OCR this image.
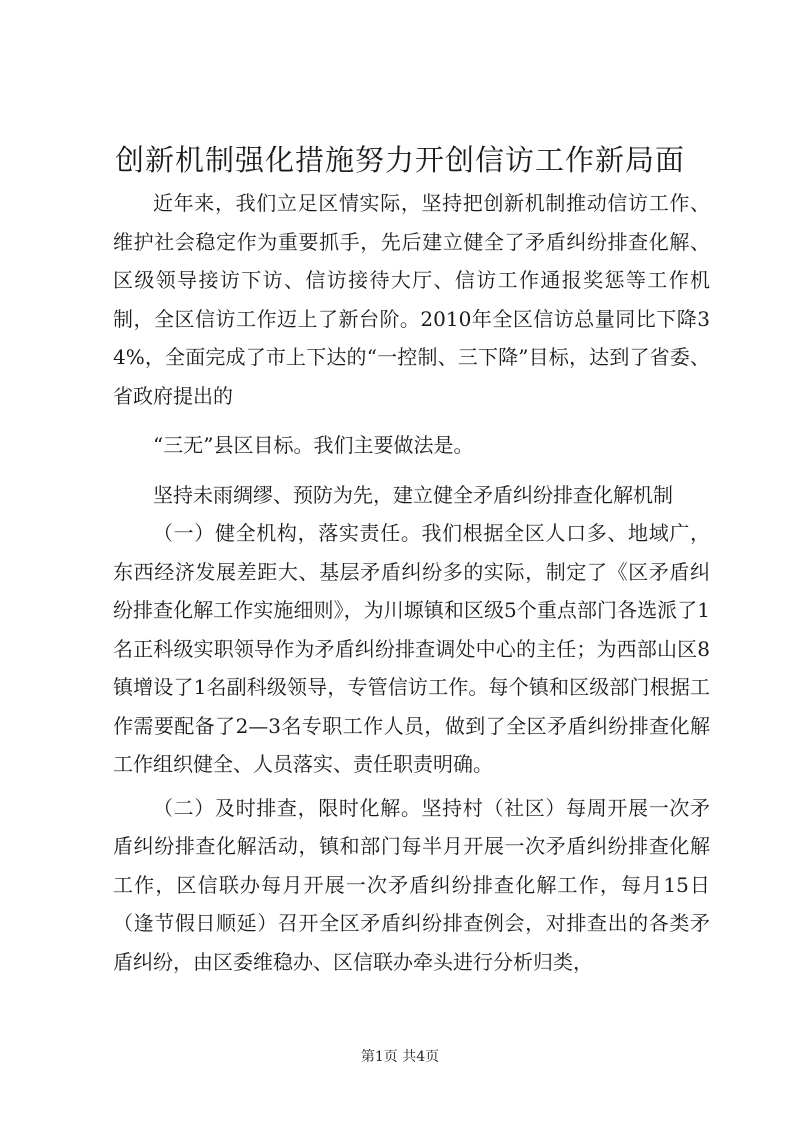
创新机制强化措施努力开创信访工作新局面

近年来，我们立足区情实际，坚持把创新机制推动信访工作、维护社会稳定作为重要抓手，先后建立健全了矛盾纠纷排查化解、区级领导接访下访、信访接待大厅、信访工作通报奖惩等工作机制，全区信访工作迈上了新台阶。2010年全区信访总量同比下降34%，全面完成了市上下达的“一控制、三下降”目标，达到了省委、省政府提出的

“三无”县区目标。我们主要做法是。

坚持未雨绸缪、预防为先，建立健全矛盾纠纷排查化解机制

（一）健全机构，落实责任。我们根据全区人口多、地域广，东西经济发展差距大、基层矛盾纠纷多的实际，制定了《区矛盾纠纷排查化解工作实施细则》，为川塬镇和区级5个重点部门各选派了1名正科级实职领导作为矛盾纠纷排查调处中心的主任；为西部山区8镇增设了1名副科级领导，专管信访工作。每个镇和区级部门根据工作需要配备了2—3名专职工作人员，做到了全区矛盾纠纷排查化解工作组织健全、人员落实、责任职责明确。

（二）及时排查，限时化解。坚持村（社区）每周开展一次矛盾纠纷排查化解活动，镇和部门每半月开展一次矛盾纠纷排查化解工作，区信联办每月开展一次矛盾纠纷排查化解工作，每月15日（逢节假日顺延）召开全区矛盾纠纷排查例会，对排查出的各类矛盾纠纷，由区委维稳办、区信联办牵头进行分析归类，

第1页 共4页
